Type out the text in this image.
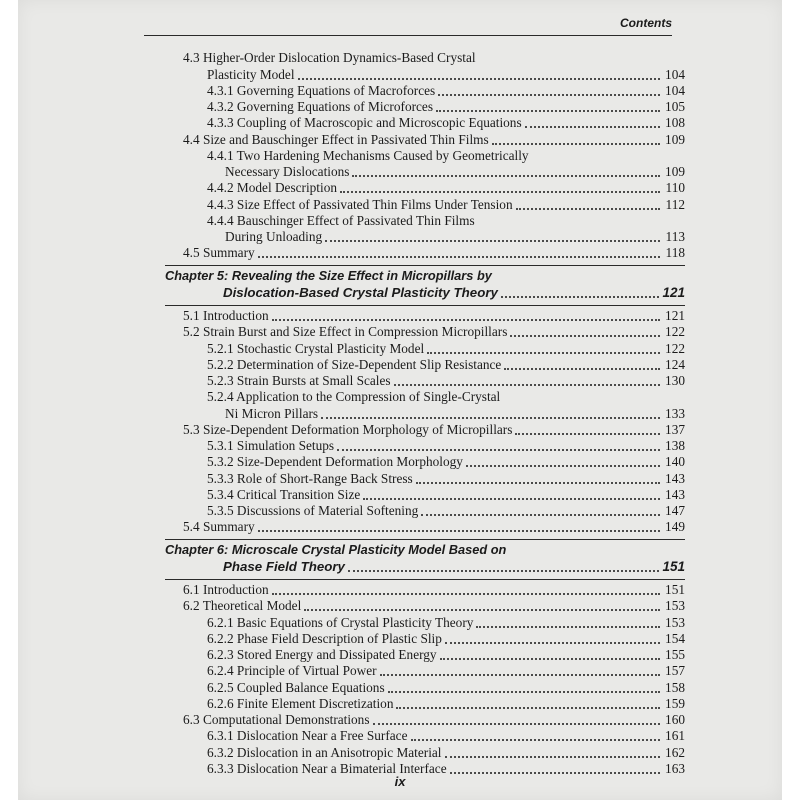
Contents
4.3 Higher-Order Dislocation Dynamics-Based Crystal
Plasticity Model	104
4.3.1 Governing Equations of Macroforces	104
4.3.2 Governing Equations of Microforces	105
4.3.3 Coupling of Macroscopic and Microscopic Equations	108
4.4 Size and Bauschinger Effect in Passivated Thin Films	109
4.4.1 Two Hardening Mechanisms Caused by Geometrically
Necessary Dislocations	109
4.4.2 Model Description	110
4.4.3 Size Effect of Passivated Thin Films Under Tension	112
4.4.4 Bauschinger Effect of Passivated Thin Films
During Unloading	113
4.5 Summary	118
Chapter 5: Revealing the Size Effect in Micropillars by
Dislocation-Based Crystal Plasticity Theory	121
5.1 Introduction	121
5.2 Strain Burst and Size Effect in Compression Micropillars	122
5.2.1 Stochastic Crystal Plasticity Model	122
5.2.2 Determination of Size-Dependent Slip Resistance	124
5.2.3 Strain Bursts at Small Scales	130
5.2.4 Application to the Compression of Single-Crystal
Ni Micron Pillars	133
5.3 Size-Dependent Deformation Morphology of Micropillars	137
5.3.1 Simulation Setups	138
5.3.2 Size-Dependent Deformation Morphology	140
5.3.3 Role of Short-Range Back Stress	143
5.3.4 Critical Transition Size	143
5.3.5 Discussions of Material Softening	147
5.4 Summary	149
Chapter 6: Microscale Crystal Plasticity Model Based on
Phase Field Theory	151
6.1 Introduction	151
6.2 Theoretical Model	153
6.2.1 Basic Equations of Crystal Plasticity Theory	153
6.2.2 Phase Field Description of Plastic Slip	154
6.2.3 Stored Energy and Dissipated Energy	155
6.2.4 Principle of Virtual Power	157
6.2.5 Coupled Balance Equations	158
6.2.6 Finite Element Discretization	159
6.3 Computational Demonstrations	160
6.3.1 Dislocation Near a Free Surface	161
6.3.2 Dislocation in an Anisotropic Material	162
6.3.3 Dislocation Near a Bimaterial Interface	163
ix
